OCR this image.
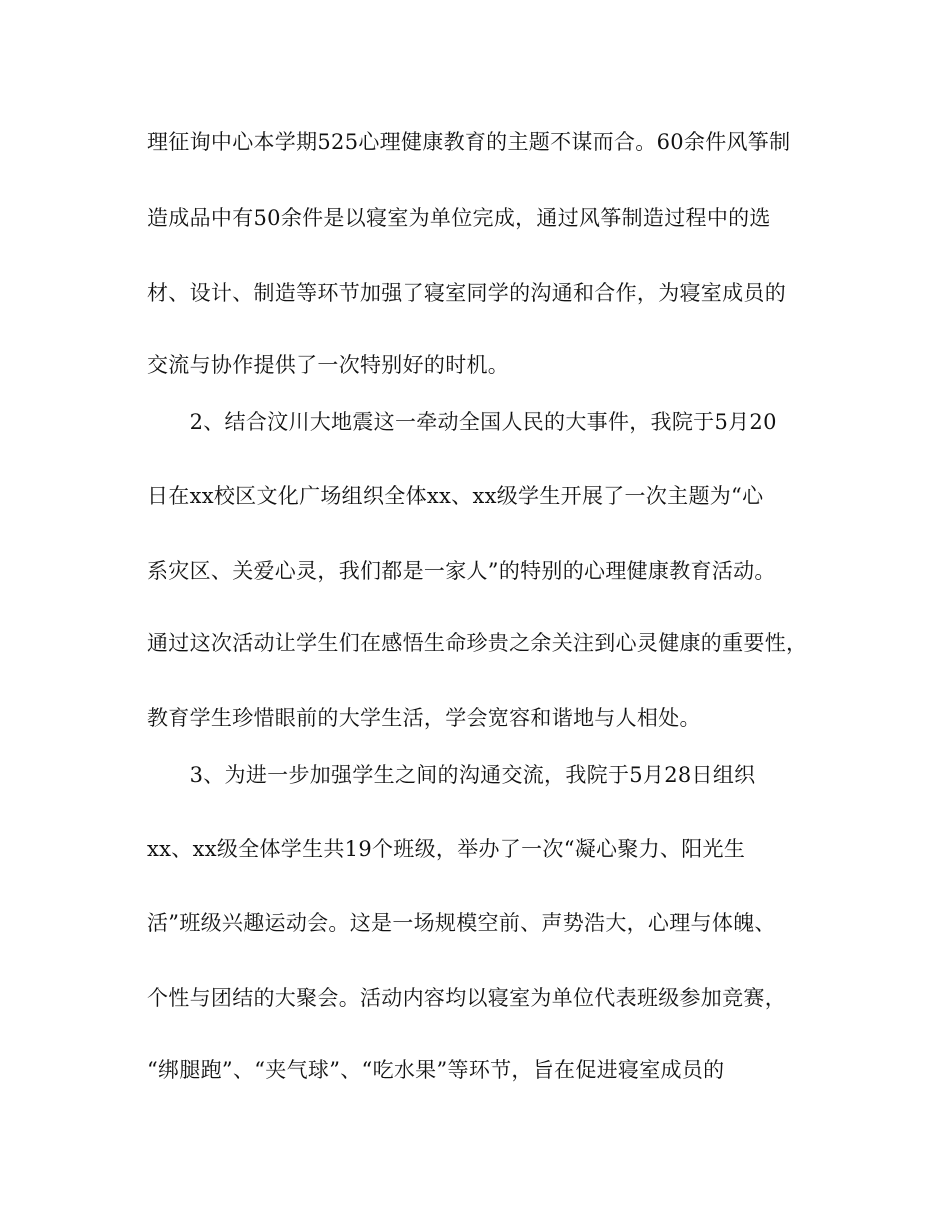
理征询中心本学期525心理健康教育的主题不谋而合。60余件风筝制
造成品中有50余件是以寝室为单位完成，通过风筝制造过程中的选
材、设计、制造等环节加强了寝室同学的沟通和合作，为寝室成员的
交流与协作提供了一次特别好的时机。
　　2、结合汶川大地震这一牵动全国人民的大事件，我院于5月20
日在xx校区文化广场组织全体xx、xx级学生开展了一次主题为“心
系灾区、关爱心灵，我们都是一家人”的特别的心理健康教育活动。
通过这次活动让学生们在感悟生命珍贵之余关注到心灵健康的重要性，
教育学生珍惜眼前的大学生活，学会宽容和谐地与人相处。
　　3、为进一步加强学生之间的沟通交流，我院于5月28日组织
xx、xx级全体学生共19个班级，举办了一次“凝心聚力、阳光生
活”班级兴趣运动会。这是一场规模空前、声势浩大，心理与体魄、
个性与团结的大聚会。活动内容均以寝室为单位代表班级参加竞赛，
“绑腿跑”、“夹气球”、“吃水果”等环节，旨在促进寝室成员的
